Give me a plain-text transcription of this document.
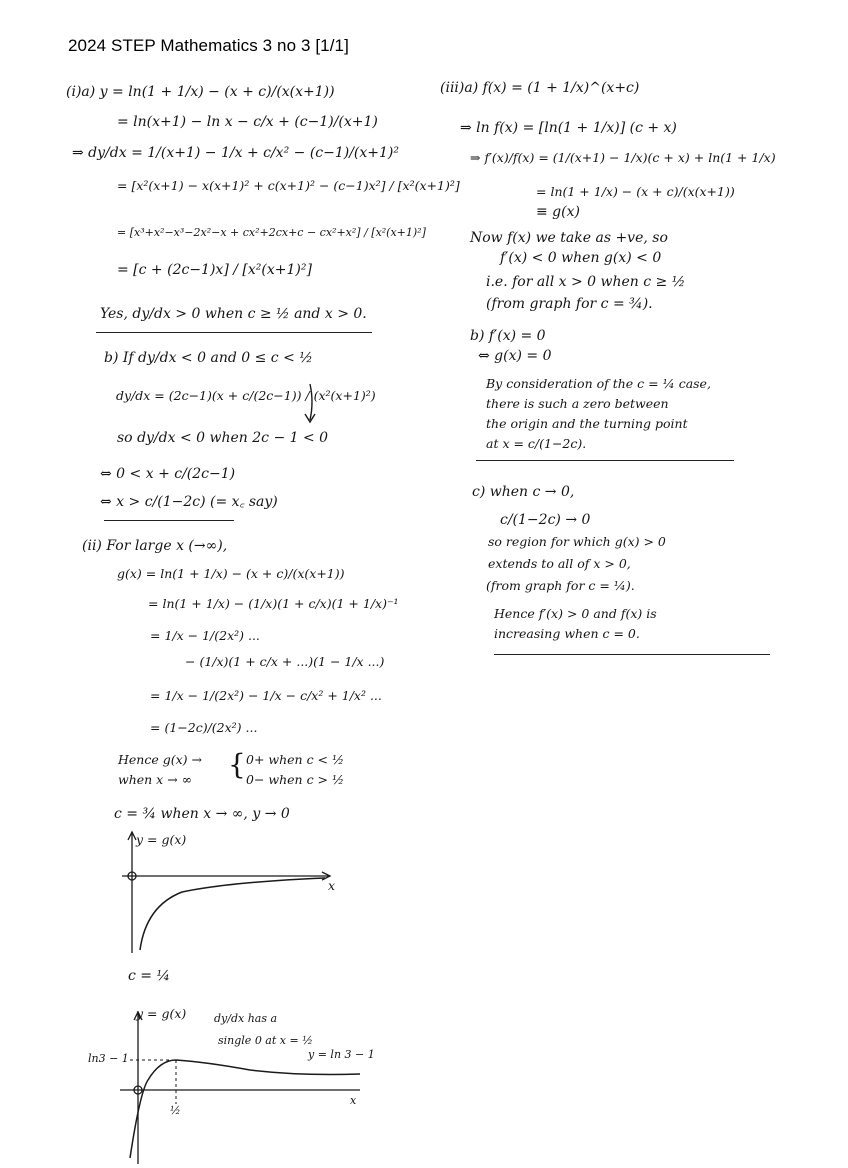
2024 STEP Mathematics 3 no 3 [1/1]
(i)a) y = ln(1 + 1/x) − (x + c)/(x(x+1))
= ln(x+1) − ln x − c/x + (c−1)/(x+1)
⇒ dy/dx = 1/(x+1) − 1/x + c/x² − (c−1)/(x+1)²
= [x²(x+1) − x(x+1)² + c(x+1)² − (c−1)x²] / [x²(x+1)²]
= [x³+x²−x³−2x²−x + cx²+2cx+c − cx²+x²] / [x²(x+1)²]
= [c + (2c−1)x] / [x²(x+1)²]
Yes, dy/dx > 0 when c ≥ ½ and x > 0.
b) If dy/dx < 0 and 0 ≤ c < ½
dy/dx = (2c−1)(x + c/(2c−1)) / (x²(x+1)²)
so dy/dx < 0 when 2c − 1 < 0
⇔ 0 < x + c/(2c−1)
⇔ x > c/(1−2c) (= x꜀ say)
(ii) For large x (→∞),
g(x) = ln(1 + 1/x) − (x + c)/(x(x+1))
= ln(1 + 1/x) − (1/x)(1 + c/x)(1 + 1/x)⁻¹
= 1/x − 1/(2x²) ...
− (1/x)(1 + c/x + ...)(1 − 1/x ...)
= 1/x − 1/(2x²) − 1/x − c/x² + 1/x² ...
= (1−2c)/(2x²) ...
Hence g(x) →
when x → ∞ { 0+ when c < ½
0− when c > ½
c = ¾ when x → ∞, y → 0
y = g(x)
x
c = ¼
y = g(x)	dy/dx has a
single 0 at x = ½
y = ln 3 − 1
ln3 − 1
½
x
(iii)a) f(x) = (1 + 1/x)^(x+c)
⇒ ln f(x) = [ln(1 + 1/x)] (c + x)
⇒ f′(x)/f(x) = (1/(x+1) − 1/x)(c + x) + ln(1 + 1/x)
= ln(1 + 1/x) − (x + c)/(x(x+1))
≡ g(x)
Now f(x) we take as +ve, so
f′(x) < 0 when g(x) < 0
i.e. for all x > 0 when c ≥ ½
(from graph for c = ¾).
b) f′(x) = 0
⇔ g(x) = 0
By consideration of the c = ¼ case,
there is such a zero between
the origin and the turning point
at x = c/(1−2c).
c) when c → 0,
c/(1−2c) → 0
so region for which g(x) > 0
extends to all of x > 0,
(from graph for c = ¼).
Hence f′(x) > 0 and f(x) is
increasing when c = 0.
